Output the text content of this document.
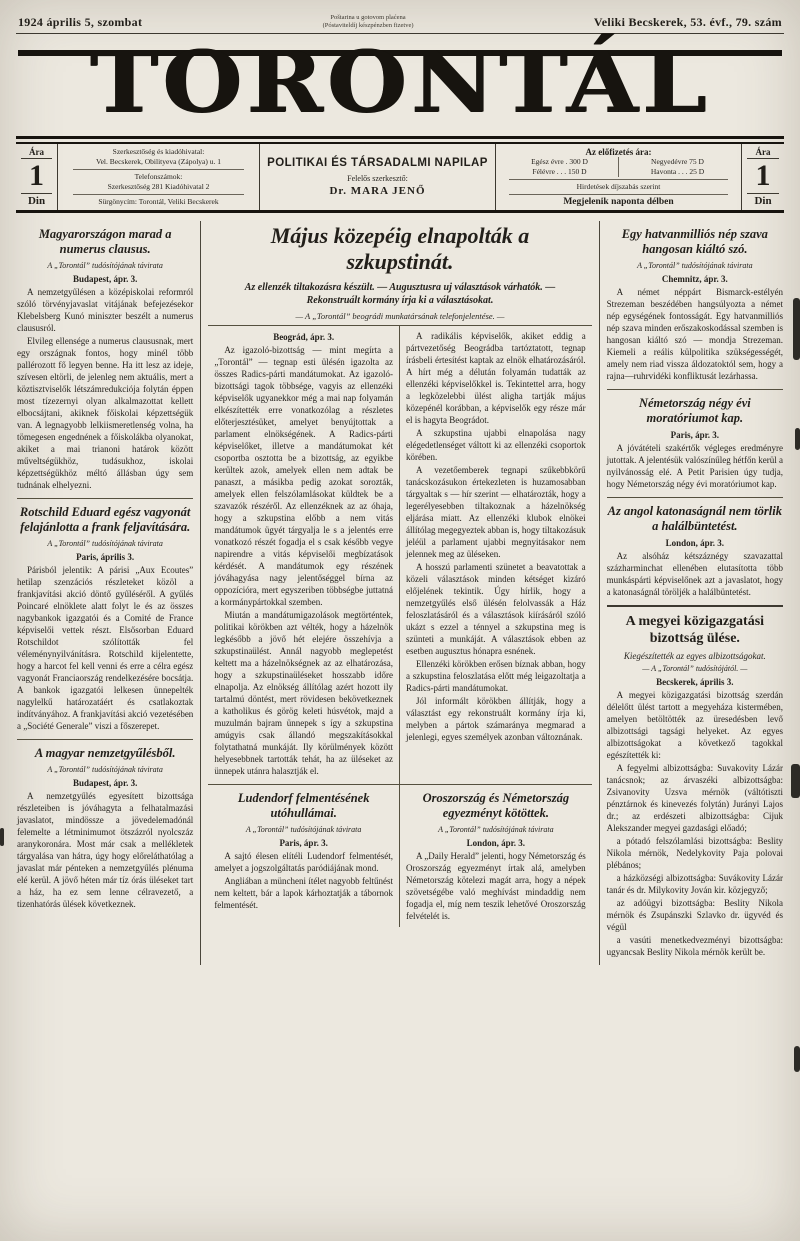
1924 április 5, szombat	Poštarina u gotovom plaćena
(Póstaviteldíj készpénzben fizetve)	Veliki Becskerek, 53. évf., 79. szám
TORONTÁL
Ára
1
Din
Szerkesztőség és kiadóhivatal:
Vel. Becskerek, Obilityeva (Zápolya) u. 1
Telefonszámok:
Szerkesztőség 281 Kiadóhivatal 2
Sürgönycím: Torontál, Veliki Becskerek
POLITIKAI ÉS TÁRSADALMI NAPILAP
Felelős szerkesztő:
Dr. MARA JENŐ
Az előfizetés ára:
Egész évre . 300 D
Félévre . . . 150 D
Negyedévre 75 D
Havonta . . . 25 D
Hirdetések díjszabás szerint
Megjelenik naponta délben
Ára
1
Din
Magyarországon marad a numerus clausus.

A „Torontál” tudósítójának távirata

Budapest, ápr. 3.

A nemzetgyűlésen a középiskolai reformról szóló törvényjavaslat vitájának befejezésekor Klebelsberg Kunó miniszter beszélt a numerus claususról.

Elvileg ellensége a numerus claususnak, mert egy országnak fontos, hogy minél több pallérozott fő legyen benne. Ha itt lesz az ideje, szívesen eltörli, de jelenleg nem aktuális, mert a köztisztviselők létszámredukciója folytán éppen most tízezernyi olyan alkalmazottat kellett elbocsájtani, akiknek főiskolai képzettségük van. A legnagyobb lelkiismeretlenség volna, ha tömegesen engednének a főiskolákba olyanokat, akiket a mai trianoni határok között műveltségükhöz, tudásukhoz, iskolai képzettségükhöz méltó állásban úgy sem tudnának elhelyezni.

Rotschild Eduard egész vagyonát felajánlotta a frank feljavítására.

A „Torontál” tudósítójának távirata

Paris, április 3.

Párisból jelentik: A párisi „Aux Ecoutes” hetilap szenzációs részleteket közöl a frankjavítási akció döntő gyűléséről. A gyűlés Poincaré elnöklete alatt folyt le és az összes nagybankok igazgatói és a Comité de France képviselői vettek részt. Elsősorban Eduard Rotschildot szólították fel véleménynyilvánításra. Rotschild kijelentette, hogy a harcot fel kell venni és erre a célra egész vagyonát Franciaország rendelkezésére bocsátja. A bankok igazgatói lelkesen ünnepelték nagylelkű határozatáért és csatlakoztak indítványához. A frankjavítási akció vezetésében a „Société Generale” viszi a főszerepet.

A magyar nemzetgyűlésből.

A „Torontál” tudósítójának távirata

Budapest, ápr. 3.

A nemzetgyűlés egyesített bizottsága részleteiben is jóváhagyta a felhatalmazási javaslatot, mindössze a jövedelemadónál felemelte a létminimumot ötszázról nyolcszáz aranykoronára. Most már csak a mellékletek tárgyalása van hátra, úgy hogy előreláthatólag a javaslat már pénteken a nemzetgyűlés plénuma elé kerül. A jövő héten már tíz órás üléseket tart a ház, ha ez sem lenne célravezető, a tizenhatórás ülések következnek.

Május közepéig elnapolták a szkupstinát.
Az ellenzék tiltakozásra készült. — Augusztusra uj választások várhatók. — Rekonstruált kormány írja ki a választásokat.
— A „Torontál” beográdi munkatársának telefonjelentése. —

Beográd, ápr. 3.

Az igazoló-bizottság — mint megírta a „Torontál” — tegnap esti ülésén igazolta az összes Radics-párti mandátumokat. Az igazoló-bizottsági tagok többsége, vagyis az ellenzéki képviselők ugyanekkor még a mai nap folyamán elkészítették erre vonatkozólag a részletes előterjesztésüket, amelyet benyújtottak a parlament elnökségének. A Radics-párti képviselőket, illetve a mandátumokat két csoportba osztotta be a bizottság, az egyikbe kerültek azok, amelyek ellen nem adtak be panaszt, a másikba pedig azokat sorozták, amelyek ellen felszólamlásokat küldtek be a szavazók részéről. Az ellenzéknek az az óhaja, hogy a szkupstina előbb a nem vitás mandátumok ügyét tárgyalja le s a jelentés erre vonatkozó részét fogadja el s csak később vegye napirendre a vitás képviselői megbízatások kérdését. A mandátumok egy részének jóváhagyása nagy jelentőséggel bírna az oppozícióra, mert egyszeriben többségbe juttatná a kormánypártokkal szemben.

Miután a mandátumigazolások megtörténtek, politikai körökben azt vélték, hogy a házelnök legkésőbb a jövő hét elejére összehívja a szkupstinaülést. Annál nagyobb meglepetést keltett ma a házelnökségnek az az elhatározása, hogy a szkupstinaüléseket hosszabb időre elnapolja. Az elnökség állítólag azért hozott ily tartalmú döntést, mert rövidesen bekövetkeznek a katholikus és görög keleti húsvétok, majd a muzulmán bajram ünnepek s így a szkupstina amúgyis csak állandó megszakításokkal folytathatná munkáját. Ily körülmények között helyesebbnek tartották tehát, ha az üléseket az ünnepek utánra halasztják el.

A radikális képviselők, akiket eddig a pártvezetőség Beográdba tartóztatott, tegnap írásbeli értesítést kaptak az elnök elhatározásáról. A hírt még a délután folyamán tudatták az ellenzéki képviselőkkel is. Tekintettel arra, hogy a legközelebbi ülést aligha tartják május közepénél korábban, a képviselők egy része már el is hagyta Beográdot.

A szkupstina ujabbi elnapolása nagy elégedetlenséget váltott ki az ellenzéki csoportok körében.

A vezetőemberek tegnapi szűkebbkörű tanácskozásukon értekezleten is huzamosabban tárgyaltak s — hír szerint — elhatározták, hogy a legerélyesebben tiltakoznak a házelnökség eljárása miatt. Az ellenzéki klubok elnökei állítólag megegyeztek abban is, hogy tiltakozásuk jeléül a parlament ujabbi megnyitásakor nem jelennek meg az üléseken.

A hosszú parlamenti szünetet a beavatottak a közeli választások minden kétséget kizáró előjelének tekintik. Úgy hírlik, hogy a nemzetgyűlés első ülésén felolvassák a Ház feloszlatásáról és a választások kiírásáról szóló ukázt s ezzel a ténnyel a szkupstina meg is szünteti a munkáját. A választások ebben az esetben augusztus hónapra esnének.

Ellenzéki körökben erősen bíznak abban, hogy a szkupstina feloszlatása előtt még leigazoltatja a Radics-párti mandátumokat.

Jól informált körökben állítják, hogy a választást egy rekonstruált kormány írja ki, melyben a pártok számaránya megmarad a jelenlegi, egyes személyek azonban változnának.

Ludendorf felmentésének utóhullámai.

A „Torontál” tudósítójának távirata

Paris, ápr. 3.

A sajtó élesen elítéli Ludendorf felmentését, amelyet a jogszolgáltatás paródiájának mond.

Angliában a müncheni ítélet nagyobb feltűnést nem keltett, bár a lapok kárhoztatják a tábornok felmentését.

Oroszország és Németország egyezményt kötöttek.

A „Torontál” tudósítójának távirata

London, ápr. 3.

A „Daily Herald” jelenti, hogy Németország és Oroszország egyezményt írtak alá, amelyben Németország kötelezi magát arra, hogy a népek szövetségébe való meghívást mindaddig nem fogadja el, míg nem teszik lehetővé Oroszország felvételét is.

Egy hatvanmilliós nép szava hangosan kiáltó szó.

A „Torontál” tudósítójának távirata

Chemnitz, ápr. 3.

A német néppárt Bismarck-estélyén Strezeman beszédében hangsúlyozta a német nép egységének fontosságát. Egy hatvanmilliós nép szava minden erőszakoskodással szemben is hangosan kiáltó szó — mondja Strezeman. Kiemeli a reális külpolitika szükségességét, amely nem riad vissza áldozatoktól sem, hogy a rajna—ruhrvidéki konfliktusát lezárhassa.

Németország négy évi moratóriumot kap.

Paris, ápr. 3.

A jóvátételi szakértők végleges eredményre jutottak. A jelentésük valószínűleg hétfőn kerül a nyilvánosság elé. A Petit Parisien úgy tudja, hogy Németország négy évi moratóriumot kap.

Az angol katonaságnál nem törlik a halálbüntetést.

London, ápr. 3.

Az alsóház kétszáznégy szavazattal százharminchat ellenében elutasította több munkáspárti képviselőnek azt a javaslatot, hogy a katonaságnál töröljék a halálbüntetést.

A megyei közigazgatási bizottság ülése.
Kiegészítették az egyes albizottságokat.

— A „Torontál” tudósítójától. —

Becskerek, április 3.

A megyei közigazgatási bizottság szerdán délelőtt ülést tartott a megyeháza kistermében, amelyen betöltötték az üresedésben levő albizottsági tagsági helyeket. Az egyes albizottságokat a következő tagokkal egészítették ki:

A fegyelmi albizottságba: Suvakovity Lázár tanácsnok; az árvaszéki albizottságba: Zsivanovity Uzsva mérnök (váltótiszti pénztárnok és kinevezés folytán) Jurányi Lajos dr.; az erdészeti albizottságba: Cijuk Alekszander megyei gazdasági előadó;

a pótadó felszólamlási bizottságba: Beslity Nikola mérnök, Nedelykovity Paja polovai plébános;

a házközségi albizottságba: Suvákovity Lázár tanár és dr. Milykovity Jován kir. közjegyző;

az adóügyi bizottságba: Beslity Nikola mérnök és Zsupánszki Szlavko dr. ügyvéd és végül

a vasúti menetkedvezményi bizottságba: ugyancsak Beslity Nikola mérnök került be.
